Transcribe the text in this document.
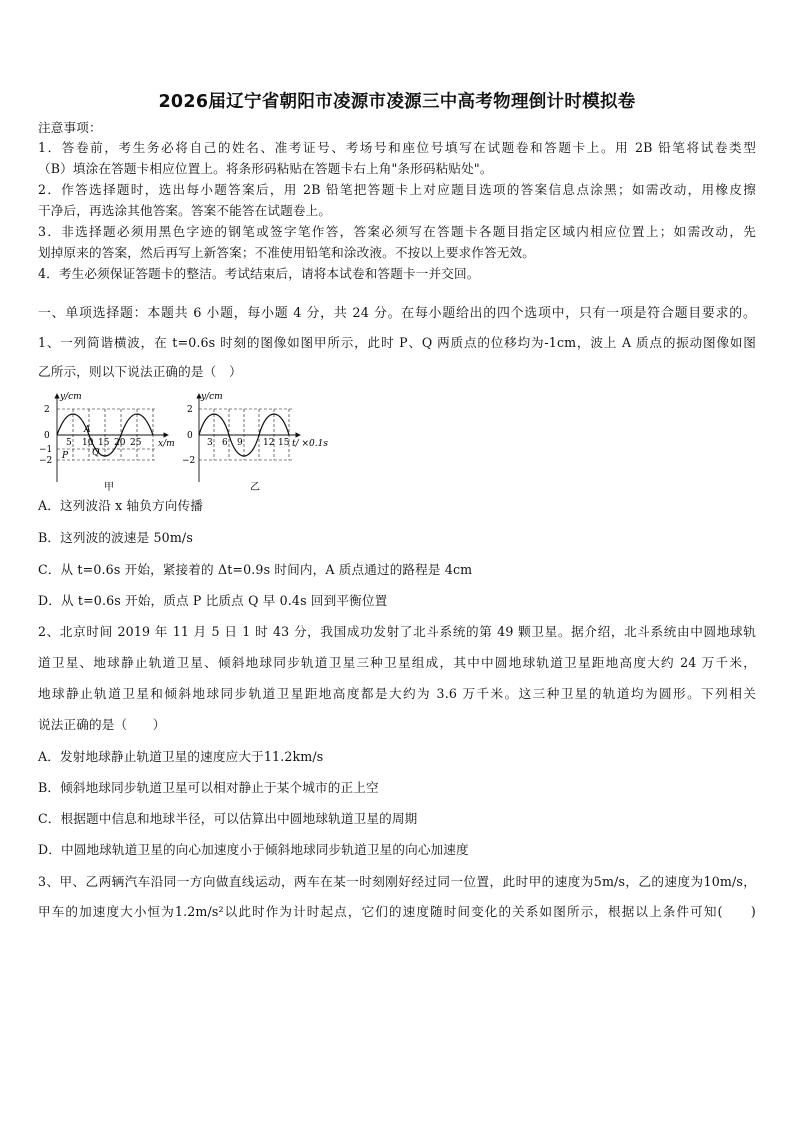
2026届辽宁省朝阳市凌源市凌源三中高考物理倒计时模拟卷
注意事项：
1．答卷前，考生务必将自己的姓名、准考证号、考场号和座位号填写在试题卷和答题卡上。用 2B 铅笔将试卷类型
（B）填涂在答题卡相应位置上。将条形码粘贴在答题卡右上角"条形码粘贴处"。
2．作答选择题时，选出每小题答案后，用 2B 铅笔把答题卡上对应题目选项的答案信息点涂黑；如需改动，用橡皮擦
干净后，再选涂其他答案。答案不能答在试题卷上。
3．非选择题必须用黑色字迹的钢笔或签字笔作答，答案必须写在答题卡各题目指定区域内相应位置上；如需改动，先
划掉原来的答案，然后再写上新答案；不准使用铅笔和涂改液。不按以上要求作答无效。
4．考生必须保证答题卡的整洁。考试结束后，请将本试卷和答题卡一并交回。
一、单项选择题：本题共 6 小题，每小题 4 分，共 24 分。在每小题给出的四个选项中，只有一项是符合题目要求的。
1、一列简谐横波，在 t=0.6s 时刻的图像如图甲所示，此时 P、Q 两质点的位移均为-1cm，波上 A 质点的振动图像如图
乙所示，则以下说法正确的是（　）
y/cm
x/m
2
0
−1
−2
5 10 15 20 25
A
P	Q
甲
y/cm
t/ ×0.1s
2
0
−2
3 6 9 12 15
乙
A．这列波沿 x 轴负方向传播
B．这列波的波速是 50m/s
C．从 t=0.6s 开始，紧接着的 Δt=0.9s 时间内，A 质点通过的路程是 4cm
D．从 t=0.6s 开始，质点 P 比质点 Q 早 0.4s 回到平衡位置
2、北京时间 2019 年 11 月 5 日 1 时 43 分，我国成功发射了北斗系统的第 49 颗卫星。据介绍，北斗系统由中圆地球轨
道卫星、地球静止轨道卫星、倾斜地球同步轨道卫星三种卫星组成，其中中圆地球轨道卫星距地高度大约 24 万千米，
地球静止轨道卫星和倾斜地球同步轨道卫星距地高度都是大约为 3.6 万千米。这三种卫星的轨道均为圆形。下列相关
说法正确的是（　　）
A．发射地球静止轨道卫星的速度应大于11.2km/s
B．倾斜地球同步轨道卫星可以相对静止于某个城市的正上空
C．根据题中信息和地球半径，可以估算出中圆地球轨道卫星的周期
D．中圆地球轨道卫星的向心加速度小于倾斜地球同步轨道卫星的向心加速度
3、甲、乙两辆汽车沿同一方向做直线运动，两车在某一时刻刚好经过同一位置，此时甲的速度为5m/s，乙的速度为10m/s，
甲车的加速度大小恒为1.2m/s²以此时作为计时起点，它们的速度随时间变化的关系如图所示，根据以上条件可知(　　)
